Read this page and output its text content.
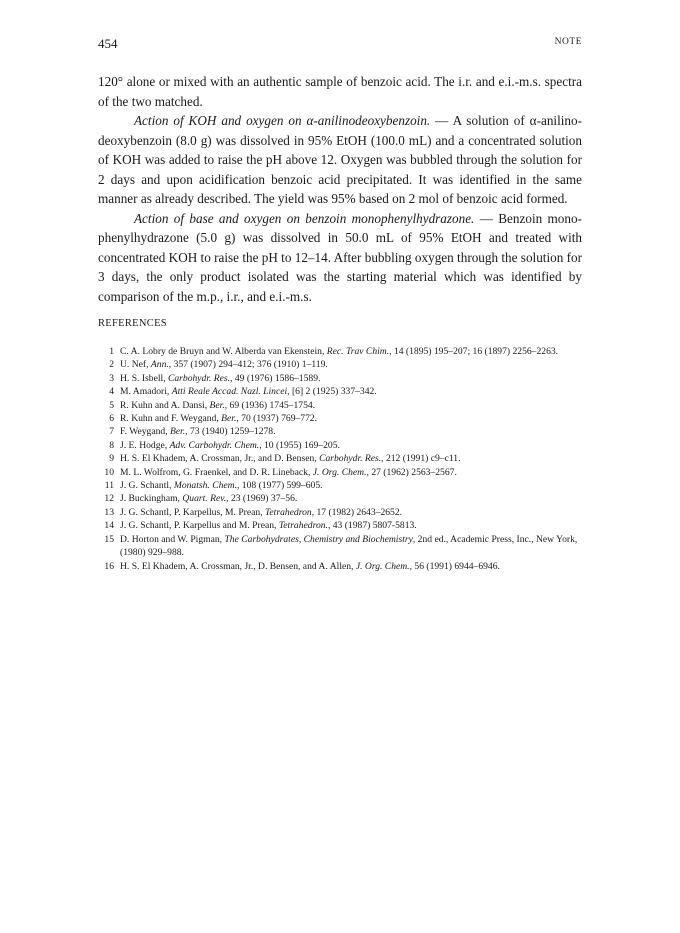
454	NOTE

120° alone or mixed with an authentic sample of benzoic acid. The i.r. and e.i.-m.s. spectra of the two matched.

Action of KOH and oxygen on α-anilinodeoxybenzoin. — A solution of α-anilino-deoxybenzoin (8.0 g) was dissolved in 95% EtOH (100.0 mL) and a concentrated solution of KOH was added to raise the pH above 12. Oxygen was bubbled through the solution for 2 days and upon acidification benzoic acid precipitated. It was identified in the same manner as already described. The yield was 95% based on 2 mol of benzoic acid formed.

Action of base and oxygen on benzoin monophenylhydrazone. — Benzoin mono-phenylhydrazone (5.0 g) was dissolved in 50.0 mL of 95% EtOH and treated with concentrated KOH to raise the pH to 12–14. After bubbling oxygen through the solution for 3 days, the only product isolated was the starting material which was identified by comparison of the m.p., i.r., and e.i.-m.s.

REFERENCES
1 C. A. Lobry de Bruyn and W. Alberda van Ekenstein, Rec. Trav Chim., 14 (1895) 195–207; 16 (1897) 2256–2263.
2 U. Nef, Ann., 357 (1907) 294–412; 376 (1910) 1–119.
3 H. S. Isbell, Carbohydr. Res., 49 (1976) 1586–1589.
4 M. Amadori, Atti Reale Accad. Nazl. Lincei, [6] 2 (1925) 337–342.
5 R. Kuhn and A. Dansi, Ber., 69 (1936) 1745–1754.
6 R. Kuhn and F. Weygand, Ber., 70 (1937) 769–772.
7 F. Weygand, Ber., 73 (1940) 1259–1278.
8 J. E. Hodge, Adv. Carbohydr. Chem., 10 (1955) 169–205.
9 H. S. El Khadem, A. Crossman, Jr., and D. Bensen, Carbohydr. Res., 212 (1991) c9–c11.
10 M. L. Wolfrom, G. Fraenkel, and D. R. Lineback, J. Org. Chem., 27 (1962) 2563–2567.
11 J. G. Schantl, Monatsh. Chem., 108 (1977) 599–605.
12 J. Buckingham, Quart. Rev., 23 (1969) 37–56.
13 J. G. Schantl, P. Karpellus, M. Prean, Tetrahedron, 17 (1982) 2643–2652.
14 J. G. Schantl, P. Karpellus and M. Prean, Tetrahedron., 43 (1987) 5807-5813.
15 D. Horton and W. Pigman, The Carbohydrates, Chemistry and Biochemistry, 2nd ed., Academic Press, Inc., New York, (1980) 929–988.
16 H. S. El Khadem, A. Crossman, Jr., D. Bensen, and A. Allen, J. Org. Chem., 56 (1991) 6944–6946.
